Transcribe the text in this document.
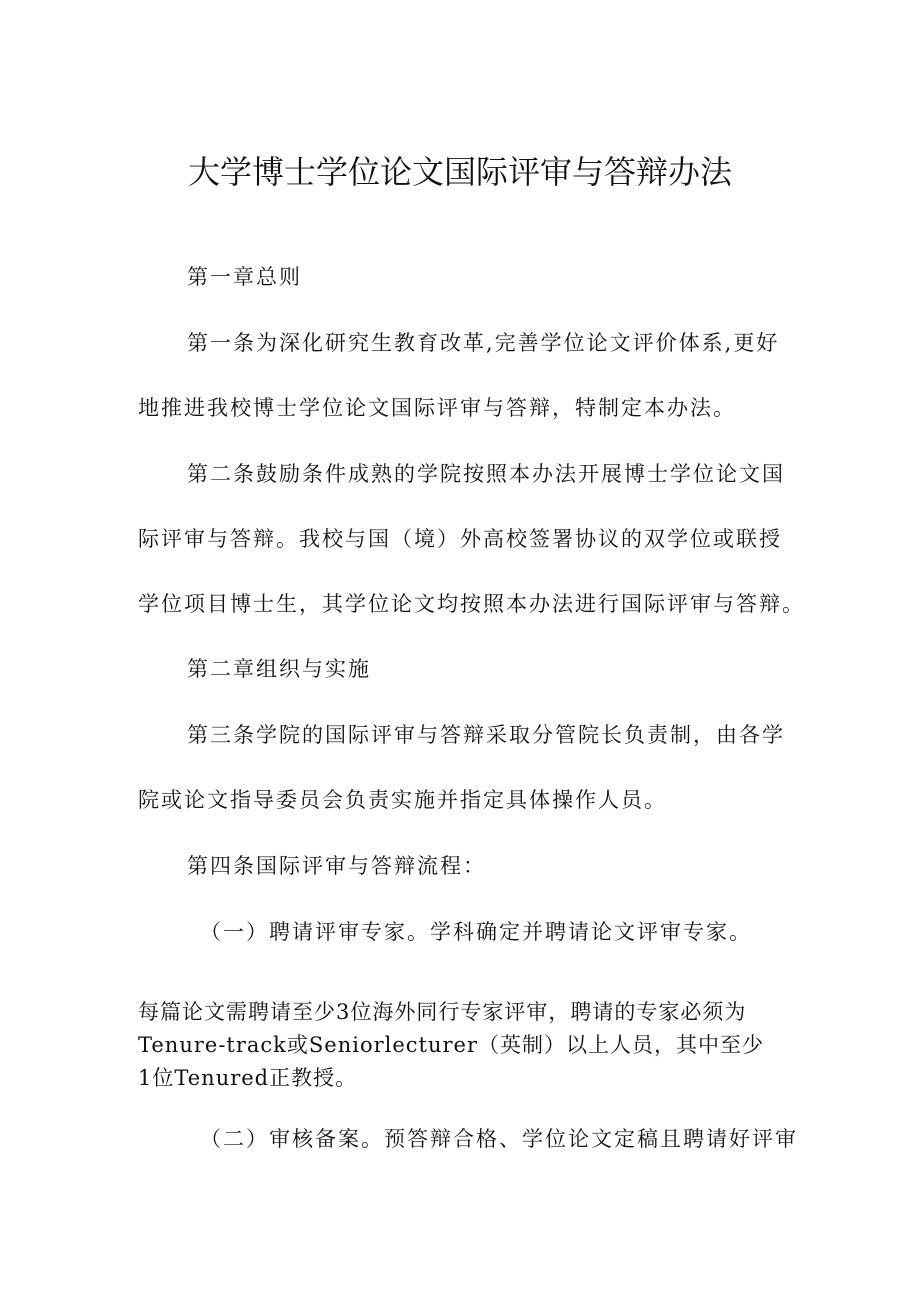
大学博士学位论文国际评审与答辩办法
第一章总则
第一条为深化研究生教育改革,完善学位论文评价体系,更好
地推进我校博士学位论文国际评审与答辩，特制定本办法。
第二条鼓励条件成熟的学院按照本办法开展博士学位论文国
际评审与答辩。我校与国（境）外高校签署协议的双学位或联授
学位项目博士生，其学位论文均按照本办法进行国际评审与答辩。
第二章组织与实施
第三条学院的国际评审与答辩采取分管院长负责制，由各学
院或论文指导委员会负责实施并指定具体操作人员。
第四条国际评审与答辩流程：
（一）聘请评审专家。学科确定并聘请论文评审专家。
每篇论文需聘请至少3位海外同行专家评审，聘请的专家必须为
Tenure-track或Seniorlecturer（英制）以上人员，其中至少
1位Tenured正教授。
（二）审核备案。预答辩合格、学位论文定稿且聘请好评审
